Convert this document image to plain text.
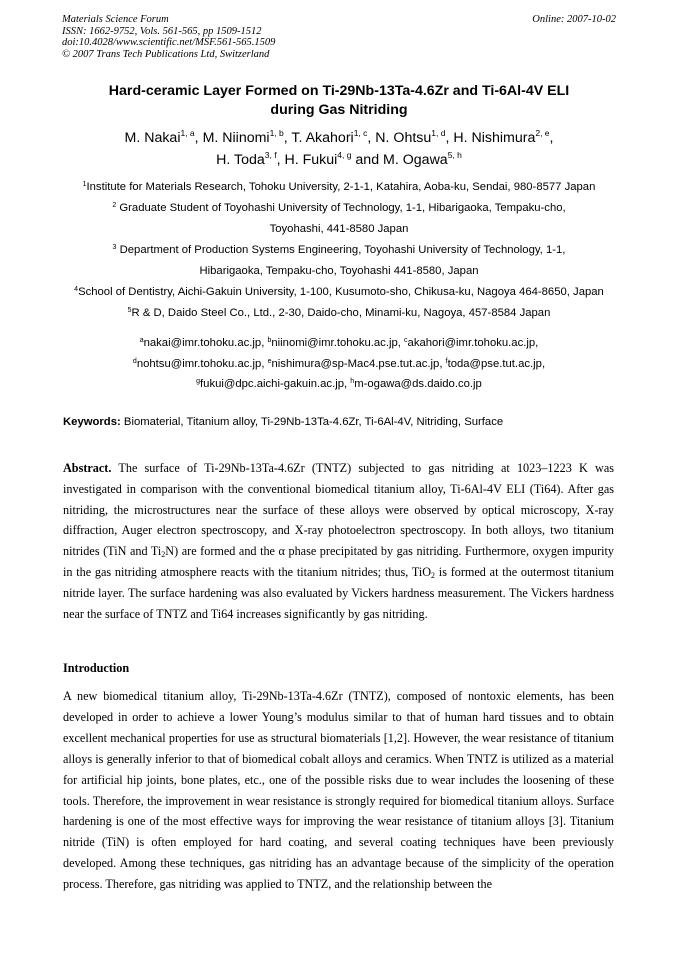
Materials Science Forum
ISSN: 1662-9752, Vols. 561-565, pp 1509-1512
doi:10.4028/www.scientific.net/MSF.561-565.1509
© 2007 Trans Tech Publications Ltd, Switzerland
Online: 2007-10-02
Hard-ceramic Layer Formed on Ti-29Nb-13Ta-4.6Zr and Ti-6Al-4V ELI
during Gas Nitriding
M. Nakai$^{1, a}$, M. Niinomi$^{1, b}$, T. Akahori$^{1, c}$, N. Ohtsu$^{1, d}$, H. Nishimura$^{2, e}$,
H. Toda$^{3, f}$, H. Fukui$^{4, g}$ and M. Ogawa$^{5, h}$

$^1$Institute for Materials Research, Tohoku University, 2-1-1, Katahira, Aoba-ku, Sendai, 980-8577 Japan

$^2$ Graduate Student of Toyohashi University of Technology, 1-1, Hibarigaoka, Tempaku-cho,

Toyohashi, 441-8580 Japan

$^3$ Department of Production Systems Engineering, Toyohashi University of Technology, 1-1,

Hibarigaoka, Tempaku-cho, Toyohashi 441-8580, Japan

$^4$School of Dentistry, Aichi-Gakuin University, 1-100, Kusumoto-sho, Chikusa-ku, Nagoya 464-8650, Japan

$^5$R & D, Daido Steel Co., Ltd., 2-30, Daido-cho, Minami-ku, Nagoya, 457-8584 Japan

$^a$nakai@imr.tohoku.ac.jp, $^b$niinomi@imr.tohoku.ac.jp, $^c$akahori@imr.tohoku.ac.jp,

$^d$nohtsu@imr.tohoku.ac.jp, $^e$nishimura@sp-Mac4.pse.tut.ac.jp, $^f$toda@pse.tut.ac.jp,

$^g$fukui@dpc.aichi-gakuin.ac.jp, $^h$m-ogawa@ds.daido.co.jp

Keywords: Biomaterial, Titanium alloy, Ti-29Nb-13Ta-4.6Zr, Ti-6Al-4V, Nitriding, Surface
Abstract. The surface of Ti-29Nb-13Ta-4.6Zr (TNTZ) subjected to gas nitriding at 1023–1223 K was investigated in comparison with the conventional biomedical titanium alloy, Ti-6Al-4V ELI (Ti64). After gas nitriding, the microstructures near the surface of these alloys were observed by optical microscopy, X-ray diffraction, Auger electron spectroscopy, and X-ray photoelectron spectroscopy. In both alloys, two titanium nitrides (TiN and $Ti_2N$) are formed and the α phase precipitated by gas nitriding. Furthermore, oxygen impurity in the gas nitriding atmosphere reacts with the titanium nitrides; thus, TiO$_2$ is formed at the outermost titanium nitride layer. The surface hardening was also evaluated by Vickers hardness measurement. The Vickers hardness near the surface of TNTZ and Ti64 increases significantly by gas nitriding.
Introduction
A new biomedical titanium alloy, Ti-29Nb-13Ta-4.6Zr (TNTZ), composed of nontoxic elements, has been developed in order to achieve a lower Young’s modulus similar to that of human hard tissues and to obtain excellent mechanical properties for use as structural biomaterials [1,2]. However, the wear resistance of titanium alloys is generally inferior to that of biomedical cobalt alloys and ceramics. When TNTZ is utilized as a material for artificial hip joints, bone plates, etc., one of the possible risks due to wear includes the loosening of these tools. Therefore, the improvement in wear resistance is strongly required for biomedical titanium alloys. Surface hardening is one of the most effective ways for improving the wear resistance of titanium alloys [3]. Titanium nitride (TiN) is often employed for hard coating, and several coating techniques have been previously developed. Among these techniques, gas nitriding has an advantage because of the simplicity of the operation process. Therefore, gas nitriding was applied to TNTZ, and the relationship between the
